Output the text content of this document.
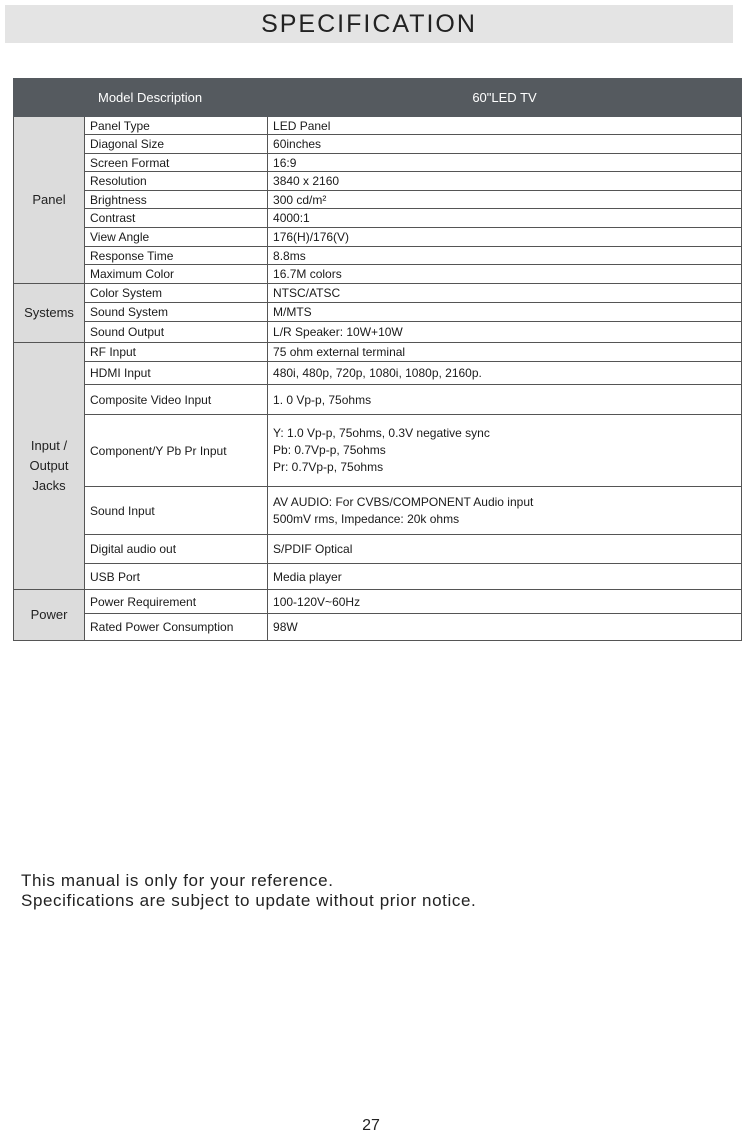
SPECIFICATION
Model Description		60"LED TV
Panel	Panel Type	LED Panel
	Diagonal Size	60inches
	Screen Format	16:9
	Resolution	3840 x 2160
	Brightness	300 cd/m²
	Contrast	4000:1
	View Angle	176(H)/176(V)
	Response Time	8.8ms
	Maximum Color	16.7M colors
Systems	Color System	NTSC/ATSC
	Sound System	M/MTS
	Sound Output	L/R Speaker: 10W+10W

Input /
Output
Jacks	RF Input	75 ohm external terminal
	HDMI Input	480i, 480p, 720p, 1080i, 1080p, 2160p.
	Composite Video Input	1. 0 Vp-p, 75ohms
	Component/Y Pb Pr Input	Y: 1.0 Vp-p, 75ohms, 0.3V negative sync
Pb: 0.7Vp-p, 75ohms
Pr: 0.7Vp-p, 75ohms

	Sound Input	AV AUDIO: For CVBS/COMPONENT Audio input
500mV rms, Impedance: 20k ohms

	Digital audio out	S/PDIF Optical
	USB Port	Media player
Power	Power Requirement	100-120V~60Hz
	Rated Power Consumption	98W
This manual is only for your reference.
Specifications are subject to update without prior notice.
27
